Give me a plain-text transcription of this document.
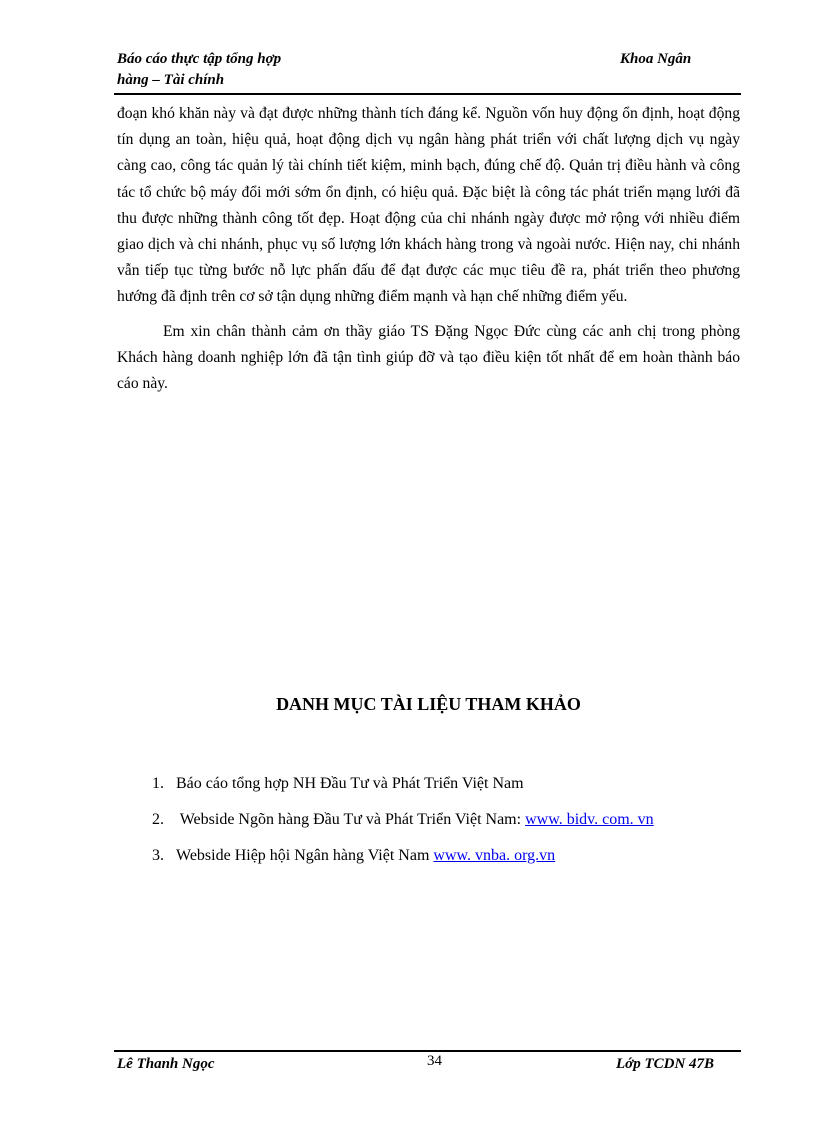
Báo cáo thực tập tổng hợp
hàng – Tài chính
Khoa Ngân

đoạn khó khăn này và đạt được những thành tích đáng kể. Nguồn vốn huy động ổn định, hoạt động tín dụng an toàn, hiệu quả, hoạt động dịch vụ ngân hàng phát triển với chất lượng dịch vụ ngày càng cao, công tác quản lý tài chính tiết kiệm, minh bạch, đúng chế độ. Quản trị điều hành và công tác tổ chức bộ máy đổi mới sớm ổn định, có hiệu quả. Đặc biệt là công tác phát triển mạng lưới đã thu được những thành công tốt đẹp. Hoạt động của chi nhánh ngày được mở rộng với nhiều điểm giao dịch và chi nhánh, phục vụ số lượng lớn khách hàng trong và ngoài nước. Hiện nay, chi nhánh vẫn tiếp tục từng bước nỗ lực phấn đấu để đạt được các mục tiêu đề ra, phát triển theo phương hướng đã định trên cơ sở tận dụng những điểm mạnh và hạn chế những điểm yếu.

Em xin chân thành cảm ơn thầy giáo TS Đặng Ngọc Đức cùng các anh chị trong phòng Khách hàng doanh nghiệp lớn đã tận tình giúp đỡ và tạo điều kiện tốt nhất để em hoàn thành báo cáo này.

DANH MỤC TÀI LIỆU THAM KHẢO
1. Báo cáo tổng hợp NH Đầu Tư và Phát Triển Việt Nam
2. Webside Ngõn hàng Đầu Tư và Phát Triển Việt Nam: www. bidv. com. vn
3. Webside Hiệp hội Ngân hàng Việt Nam www. vnba. org.vn
Lê Thanh Ngọc	34	Lớp TCDN 47B
